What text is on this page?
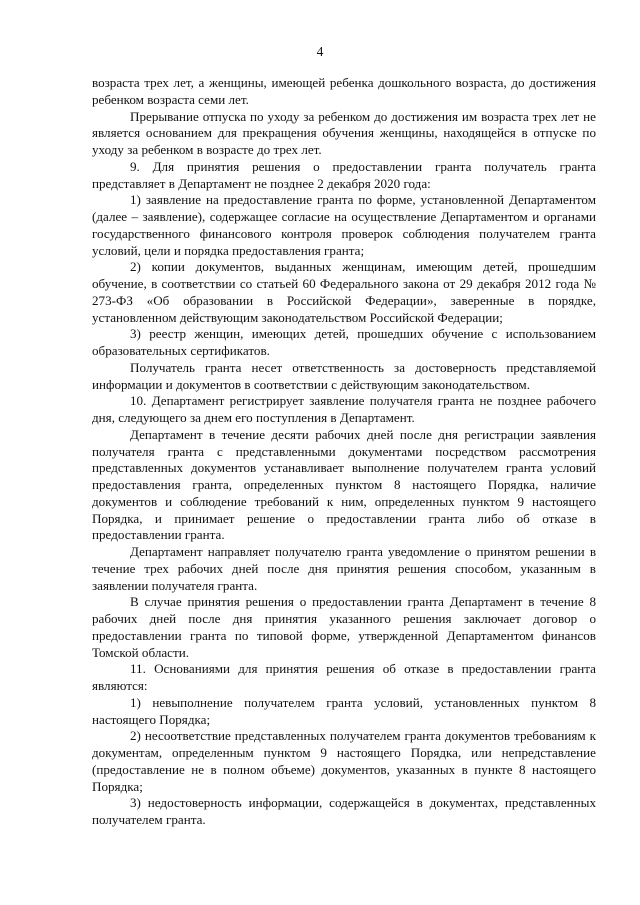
4

возраста трех лет, а женщины, имеющей ребенка дошкольного возраста, до достижения ребенком возраста семи лет.

Прерывание отпуска по уходу за ребенком до достижения им возраста трех лет не является основанием для прекращения обучения женщины, находящейся в отпуске по уходу за ребенком в возрасте до трех лет.

9. Для принятия решения о предоставлении гранта получатель гранта представляет в Департамент не позднее 2 декабря 2020 года:

1) заявление на предоставление гранта по форме, установленной Департаментом (далее – заявление), содержащее согласие на осуществление Департаментом и органами государственного финансового контроля проверок соблюдения получателем гранта условий, цели и порядка предоставления гранта;

2) копии документов, выданных женщинам, имеющим детей, прошедшим обучение, в соответствии со статьей 60 Федерального закона от 29 декабря 2012 года № 273-ФЗ «Об образовании в Российской Федерации», заверенные в порядке, установленном действующим законодательством Российской Федерации;

3) реестр женщин, имеющих детей, прошедших обучение с использованием образовательных сертификатов.

Получатель гранта несет ответственность за достоверность представляемой информации и документов в соответствии с действующим законодательством.

10. Департамент регистрирует заявление получателя гранта не позднее рабочего дня, следующего за днем его поступления в Департамент.

Департамент в течение десяти рабочих дней после дня регистрации заявления получателя гранта с представленными документами посредством рассмотрения представленных документов устанавливает выполнение получателем гранта условий предоставления гранта, определенных пунктом 8 настоящего Порядка, наличие документов и соблюдение требований к ним, определенных пунктом 9 настоящего Порядка, и принимает решение о предоставлении гранта либо об отказе в предоставлении гранта.

Департамент направляет получателю гранта уведомление о принятом решении в течение трех рабочих дней после дня принятия решения способом, указанным в заявлении получателя гранта.

В случае принятия решения о предоставлении гранта Департамент в течение 8 рабочих дней после дня принятия указанного решения заключает договор о предоставлении гранта по типовой форме, утвержденной Департаментом финансов Томской области.

11. Основаниями для принятия решения об отказе в предоставлении гранта являются:

1) невыполнение получателем гранта условий, установленных пунктом 8 настоящего Порядка;

2) несоответствие представленных получателем гранта документов требованиям к документам, определенным пунктом 9 настоящего Порядка, или непредставление (предоставление не в полном объеме) документов, указанных в пункте 8 настоящего Порядка;

3) недостоверность информации, содержащейся в документах, представленных получателем гранта.
